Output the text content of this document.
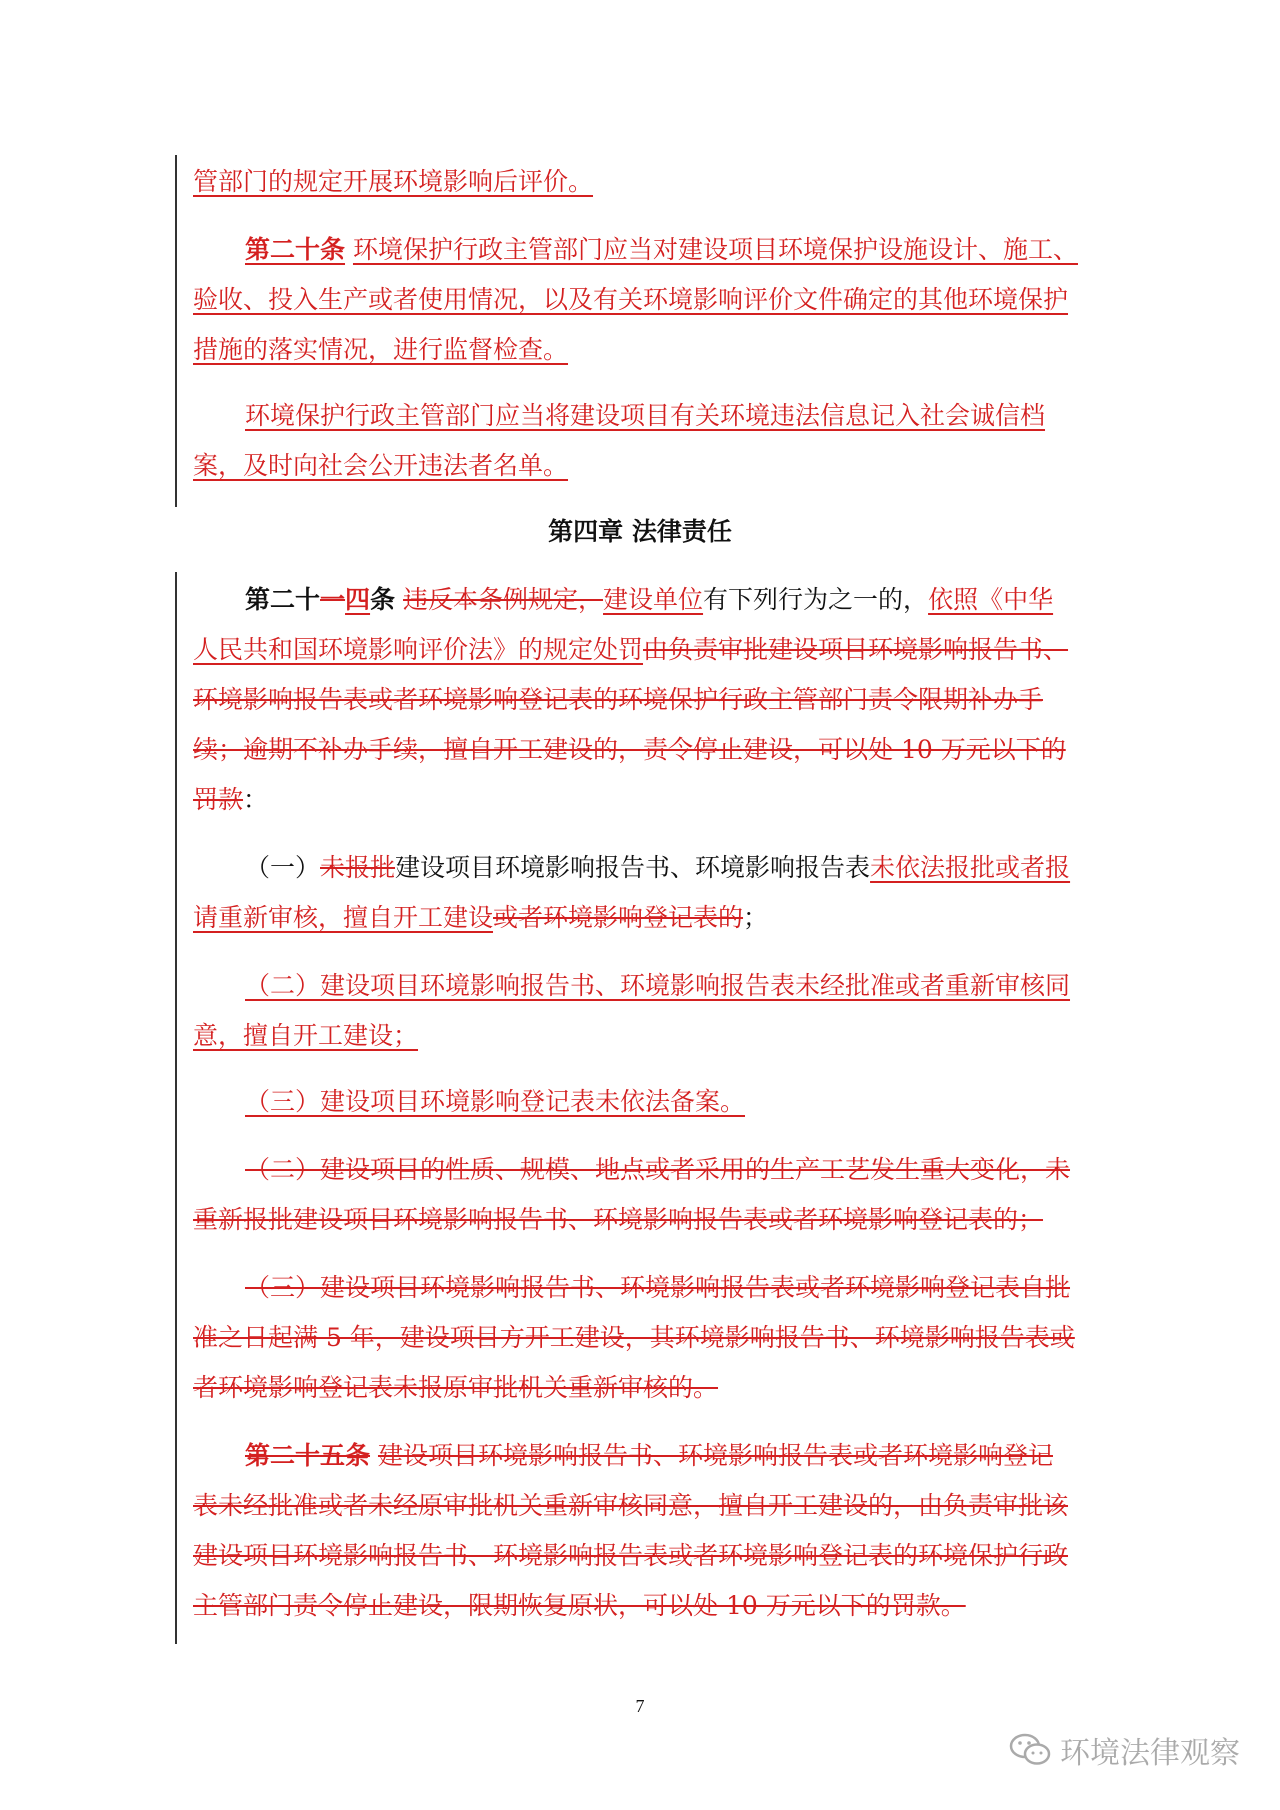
管部门的规定开展环境影响后评价。
第二十条 环境保护行政主管部门应当对建设项目环境保护设施设计、施工、
验收、投入生产或者使用情况，以及有关环境影响评价文件确定的其他环境保护
措施的落实情况，进行监督检查。
环境保护行政主管部门应当将建设项目有关环境违法信息记入社会诚信档
案，及时向社会公开违法者名单。
第二十一四条 违反本条例规定，建设单位有下列行为之一的，依照《中华
人民共和国环境影响评价法》的规定处罚由负责审批建设项目环境影响报告书、
环境影响报告表或者环境影响登记表的环境保护行政主管部门责令限期补办手
续；逾期不补办手续，擅自开工建设的，责令停止建设，可以处 10 万元以下的
罚款：
（一）未报批建设项目环境影响报告书、环境影响报告表未依法报批或者报
请重新审核，擅自开工建设或者环境影响登记表的；
（二）建设项目环境影响报告书、环境影响报告表未经批准或者重新审核同
意，擅自开工建设；
（三）建设项目环境影响登记表未依法备案。
（二）建设项目的性质、规模、地点或者采用的生产工艺发生重大变化，未
重新报批建设项目环境影响报告书、环境影响报告表或者环境影响登记表的；
（三）建设项目环境影响报告书、环境影响报告表或者环境影响登记表自批
准之日起满 5 年，建设项目方开工建设，其环境影响报告书、环境影响报告表或
者环境影响登记表未报原审批机关重新审核的。
第二十五条 建设项目环境影响报告书、环境影响报告表或者环境影响登记
表未经批准或者未经原审批机关重新审核同意，擅自开工建设的，由负责审批该
建设项目环境影响报告书、环境影响报告表或者环境影响登记表的环境保护行政
主管部门责令停止建设，限期恢复原状，可以处 10 万元以下的罚款。
第四章 法律责任
7
环境法律观察
